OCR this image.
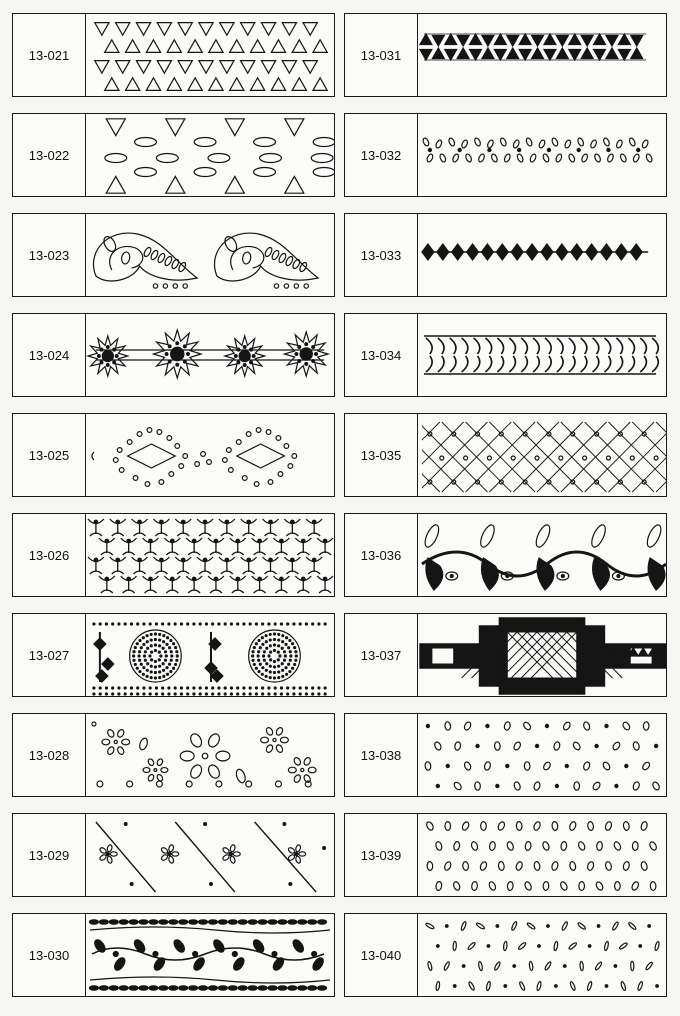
13-021
13-022
13-023
13-024
13-025
13-026
13-027
13-028
13-029
13-030
13-031
13-032
13-033
13-034
13-035
13-036
13-037
13-038
13-039
13-040
